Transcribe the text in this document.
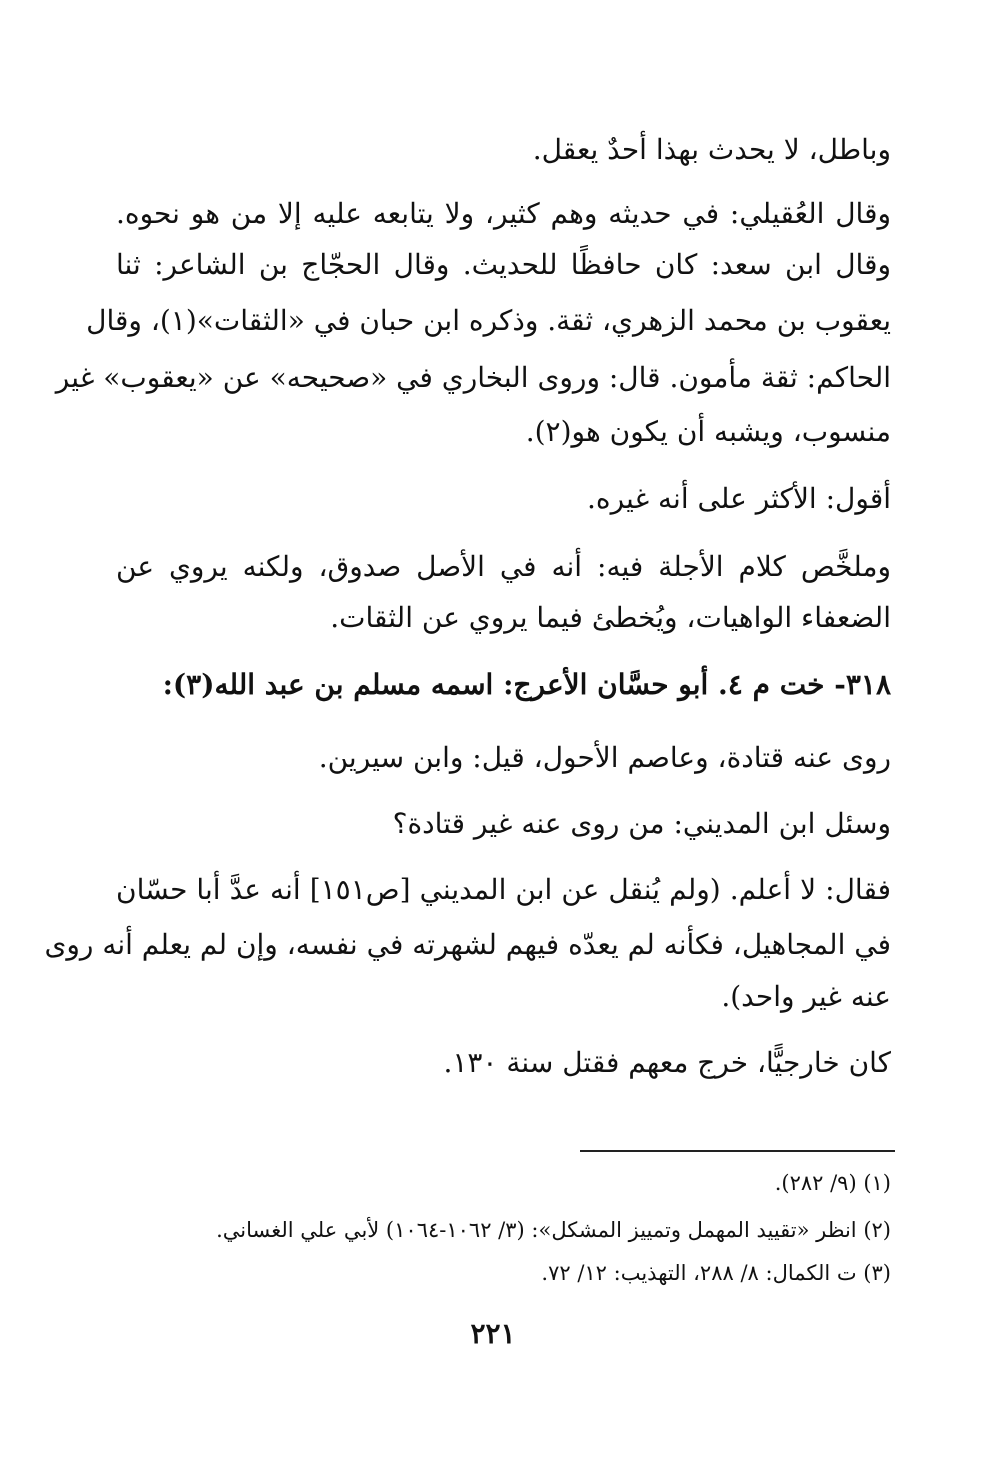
وباطل، لا يحدث بهذا أحدٌ يعقل.
وقال العُقيلي: في حديثه وهم كثير، ولا يتابعه عليه إلا من هو نحوه.
وقال ابن سعد: كان حافظًا للحديث. وقال الحجّاج بن الشاعر: ثنا
يعقوب بن محمد الزهري، ثقة. وذكره ابن حبان في «الثقات»(١)، وقال
الحاكم: ثقة مأمون. قال: وروى البخاري في «صحيحه» عن «يعقوب» غير
منسوب، ويشبه أن يكون هو(٢).
أقول: الأكثر على أنه غيره.
وملخَّص كلام الأجلة فيه: أنه في الأصل صدوق، ولكنه يروي عن
الضعفاء الواهيات، ويُخطئ فيما يروي عن الثقات.
٣١٨- خت م ٤. أبو حسَّان الأعرج: اسمه مسلم بن عبد الله(٣):
روى عنه قتادة، وعاصم الأحول، قيل: وابن سيرين.
وسئل ابن المديني: من روى عنه غير قتادة؟
فقال: لا أعلم. (ولم يُنقل عن ابن المديني [ص١٥١] أنه عدَّ أبا حسّان
في المجاهيل، فكأنه لم يعدّه فيهم لشهرته في نفسه، وإن لم يعلم أنه روى
عنه غير واحد).
كان خارجيًّا، خرج معهم فقتل سنة ١٣٠.
(١) (٩/ ٢٨٢).
(٢) انظر «تقييد المهمل وتمييز المشكل»: (٣/ ١٠٦٢-١٠٦٤) لأبي علي الغساني.
(٣) ت الكمال: ٨/ ٢٨٨، التهذيب: ١٢/ ٧٢.
٢٢١
